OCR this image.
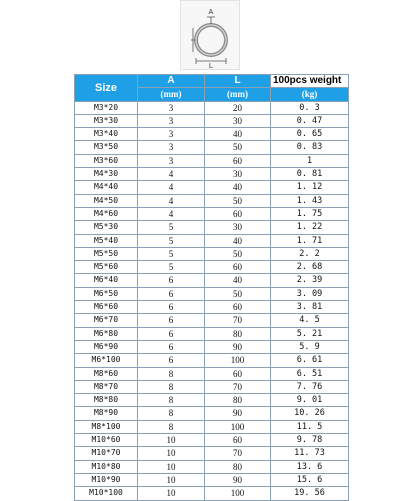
A
L
Size	A	L	100pcs weight
	(mm)	(mm)	(kg)
M3*20	3	20	0. 3
M3*30	3	30	0. 47
M3*40	3	40	0. 65
M3*50	3	50	0. 83
M3*60	3	60	1
M4*30	4	30	0. 81
M4*40	4	40	1. 12
M4*50	4	50	1. 43
M4*60	4	60	1. 75
M5*30	5	30	1. 22
M5*40	5	40	1. 71
M5*50	5	50	2. 2
M5*60	5	60	2. 68
M6*40	6	40	2. 39
M6*50	6	50	3. 09
M6*60	6	60	3. 81
M6*70	6	70	4. 5
M6*80	6	80	5. 21
M6*90	6	90	5. 9
M6*100	6	100	6. 61
M8*60	8	60	6. 51
M8*70	8	70	7. 76
M8*80	8	80	9. 01
M8*90	8	90	10. 26
M8*100	8	100	11. 5
M10*60	10	60	9. 78
M10*70	10	70	11. 73
M10*80	10	80	13. 6
M10*90	10	90	15. 6
M10*100	10	100	19. 56
